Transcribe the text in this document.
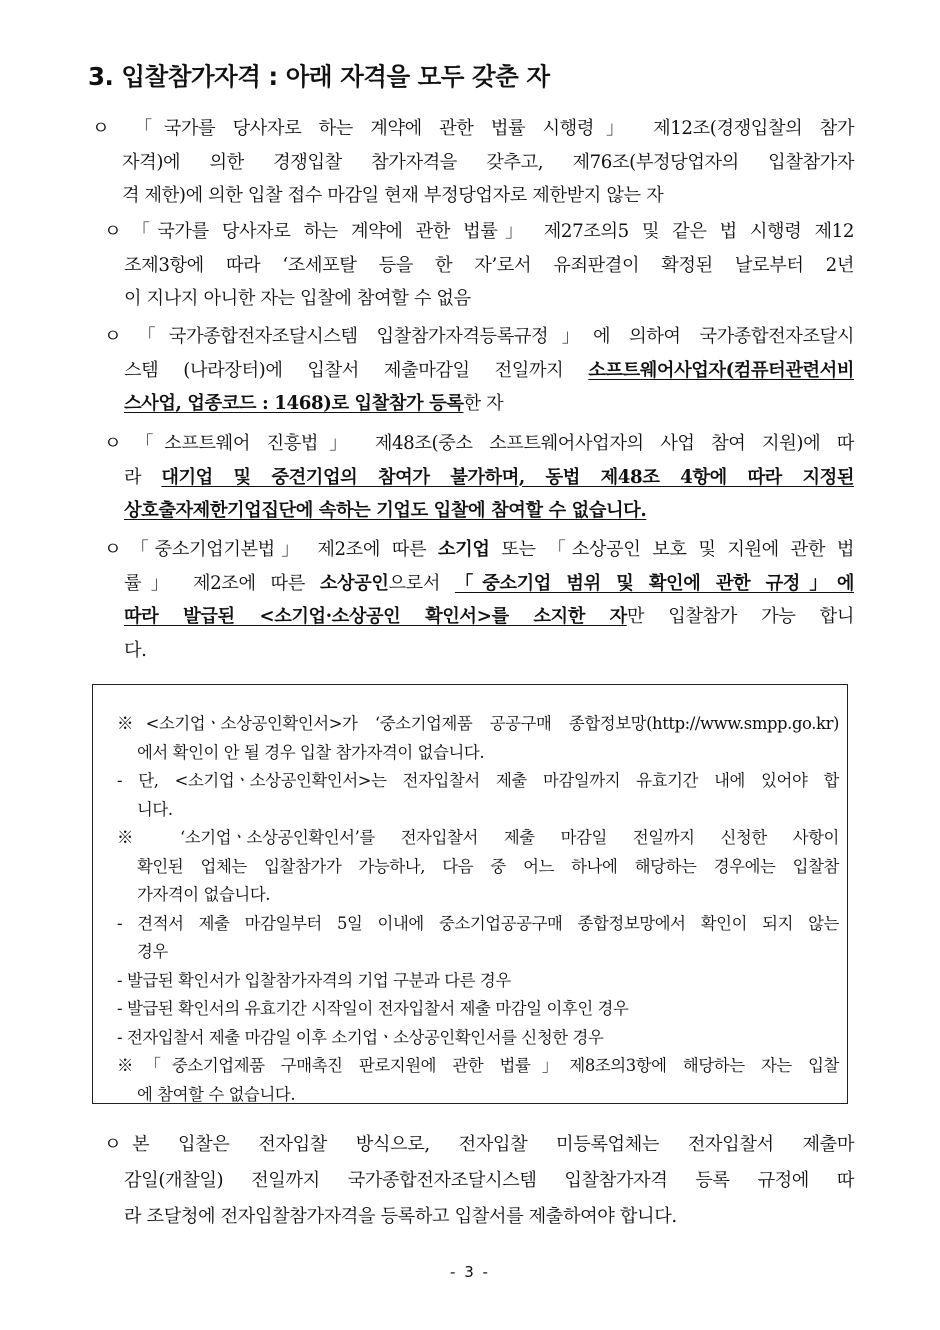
3. 입찰참가자격 : 아래 자격을 모두 갖춘 자
ㅇ 「국가를 당사자로 하는 계약에 관한 법률 시행령」 제12조(경쟁입찰의 참가
자격)에 의한 경쟁입찰 참가자격을 갖추고, 제76조(부정당업자의 입찰참가자
격 제한)에 의한 입찰 접수 마감일 현재 부정당업자로 제한받지 않는 자
ㅇ 「국가를 당사자로 하는 계약에 관한 법률」 제27조의5 및 같은 법 시행령 제12
조제3항에 따라 ‘조세포탈 등을 한 자’로서 유죄판결이 확정된 날로부터 2년
이 지나지 아니한 자는 입찰에 참여할 수 없음
ㅇ 「국가종합전자조달시스템 입찰참가자격등록규정」에 의하여 국가종합전자조달시
스템 (나라장터)에 입찰서 제출마감일 전일까지 소프트웨어사업자(컴퓨터관련서비
스사업, 업종코드 : 1468)로 입찰참가 등록한 자
ㅇ 「소프트웨어 진흥법」 제48조(중소 소프트웨어사업자의 사업 참여 지원)에 따
라 대기업 및 중견기업의 참여가 불가하며, 동법 제48조 4항에 따라 지정된
상호출자제한기업집단에 속하는 기업도 입찰에 참여할 수 없습니다.
ㅇ 「중소기업기본법」 제2조에 따른 소기업 또는 「소상공인 보호 및 지원에 관한 법
률」 제2조에 따른 소상공인으로서 「중소기업 범위 및 확인에 관한 규정」에
따라 발급된 <소기업·소상공인 확인서>를 소지한 자만 입찰참가 가능 합니
다.
※<소기업ㆍ소상공인확인서>가 ‘중소기업제품 공공구매 종합정보망(http://www.smpp.go.kr)
에서 확인이 안 될 경우 입찰 참가자격이 없습니다.
- 단, <소기업ㆍ소상공인확인서>는 전자입찰서 제출 마감일까지 유효기간 내에 있어야 합
니다.
※ ‘소기업ㆍ소상공인확인서’를 전자입찰서 제출 마감일 전일까지 신청한 사항이
확인된 업체는 입찰참가가 가능하나, 다음 중 어느 하나에 해당하는 경우에는 입찰참
가자격이 없습니다.
- 견적서 제출 마감일부터 5일 이내에 중소기업공공구매 종합정보망에서 확인이 되지 않는
경우
- 발급된 확인서가 입찰참가자격의 기업 구분과 다른 경우
- 발급된 확인서의 유효기간 시작일이 전자입찰서 제출 마감일 이후인 경우
- 전자입찰서 제출 마감일 이후 소기업ㆍ소상공인확인서를 신청한 경우
※「중소기업제품 구매촉진 판로지원에 관한 법률」제8조의3항에 해당하는 자는 입찰
에 참여할 수 없습니다.
ㅇ 본 입찰은 전자입찰 방식으로, 전자입찰 미등록업체는 전자입찰서 제출마
감일(개찰일) 전일까지 국가종합전자조달시스템 입찰참가자격 등록 규정에 따
라 조달청에 전자입찰참가자격을 등록하고 입찰서를 제출하여야 합니다.
- 3 -
